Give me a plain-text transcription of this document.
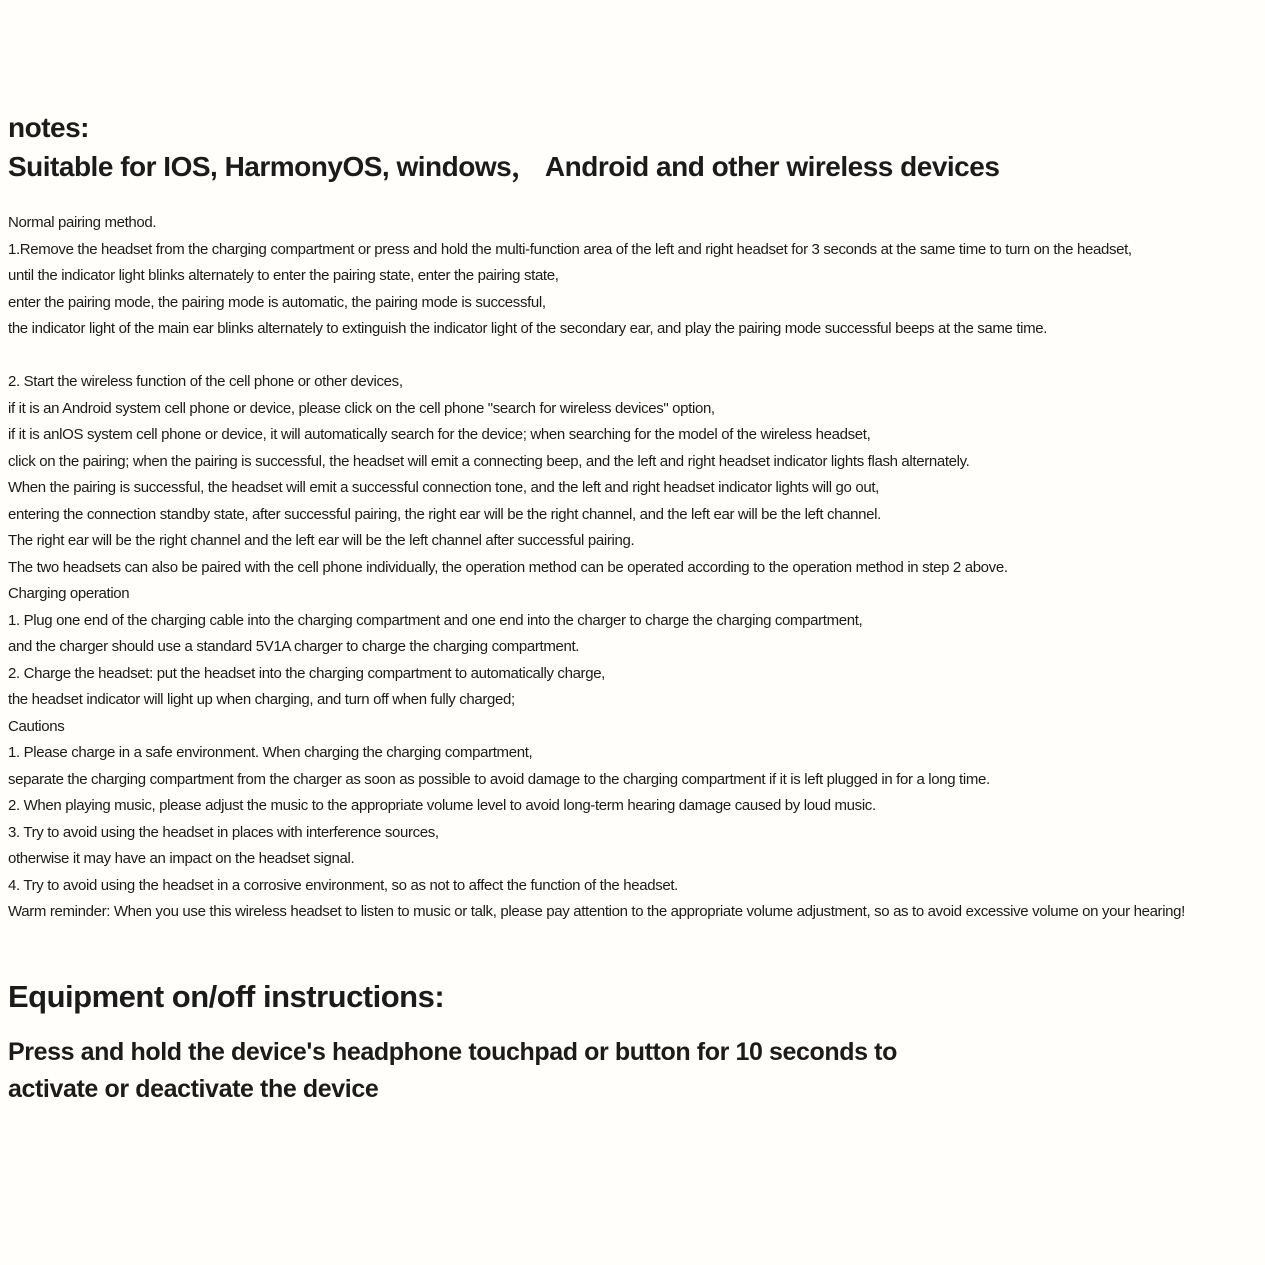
notes:
Suitable for IOS, HarmonyOS, windows， Android and other wireless devices
Normal pairing method.
1.Remove the headset from the charging compartment or press and hold the multi-function area of the left and right headset for 3 seconds at the same time to turn on the headset,
until the indicator light blinks alternately to enter the pairing state, enter the pairing state,
enter the pairing mode, the pairing mode is automatic, the pairing mode is successful,
the indicator light of the main ear blinks alternately to extinguish the indicator light of the secondary ear, and play the pairing mode successful beeps at the same time.
2. Start the wireless function of the cell phone or other devices,
if it is an Android system cell phone or device, please click on the cell phone "search for wireless devices" option,
if it is anlOS system cell phone or device, it will automatically search for the device; when searching for the model of the wireless headset,
click on the pairing; when the pairing is successful, the headset will emit a connecting beep, and the left and right headset indicator lights flash alternately.
When the pairing is successful, the headset will emit a successful connection tone, and the left and right headset indicator lights will go out,
entering the connection standby state, after successful pairing, the right ear will be the right channel, and the left ear will be the left channel.
The right ear will be the right channel and the left ear will be the left channel after successful pairing.
The two headsets can also be paired with the cell phone individually, the operation method can be operated according to the operation method in step 2 above.
Charging operation
1. Plug one end of the charging cable into the charging compartment and one end into the charger to charge the charging compartment,
and the charger should use a standard 5V1A charger to charge the charging compartment.
2. Charge the headset: put the headset into the charging compartment to automatically charge,
the headset indicator will light up when charging, and turn off when fully charged;
Cautions
1. Please charge in a safe environment. When charging the charging compartment,
separate the charging compartment from the charger as soon as possible to avoid damage to the charging compartment if it is left plugged in for a long time.
2. When playing music, please adjust the music to the appropriate volume level to avoid long-term hearing damage caused by loud music.
3. Try to avoid using the headset in places with interference sources,
otherwise it may have an impact on the headset signal.
4. Try to avoid using the headset in a corrosive environment, so as not to affect the function of the headset.
Warm reminder: When you use this wireless headset to listen to music or talk, please pay attention to the appropriate volume adjustment, so as to avoid excessive volume on your hearing!
Equipment on/off instructions:
Press and hold the device's headphone touchpad or button for 10 seconds to
activate or deactivate the device
